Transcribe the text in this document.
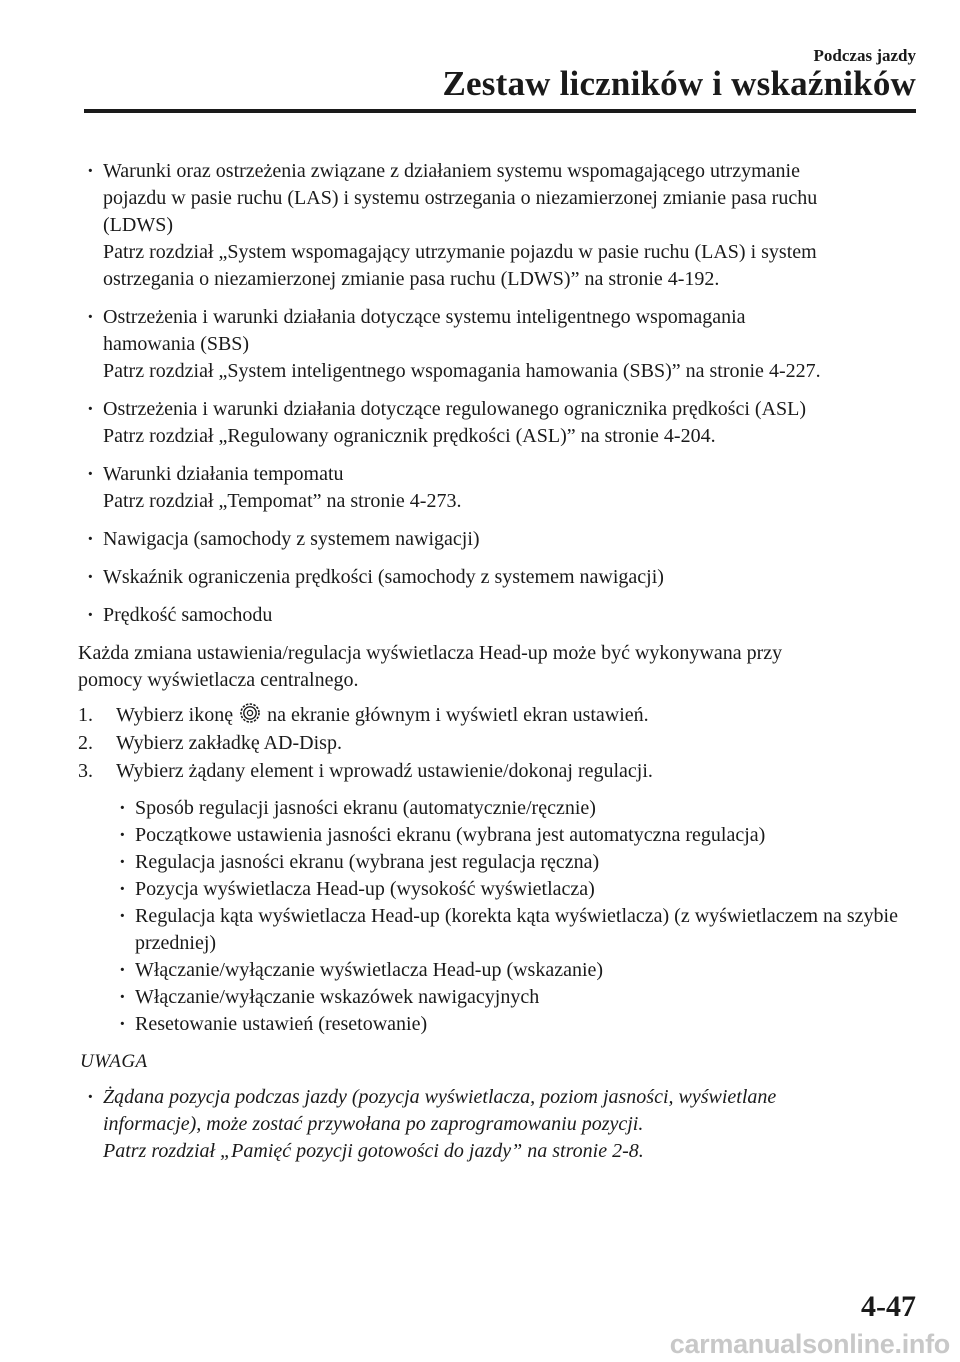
Podczas jazdy
Zestaw liczników i wskaźników
· Warunki oraz ostrzeżenia związane z działaniem systemu wspomagającego utrzymanie
pojazdu w pasie ruchu (LAS) i systemu ostrzegania o niezamierzonej zmianie pasa ruchu
(LDWS)
Patrz rozdział „System wspomagający utrzymanie pojazdu w pasie ruchu (LAS) i system
ostrzegania o niezamierzonej zmianie pasa ruchu (LDWS)” na stronie 4-192.
· Ostrzeżenia i warunki działania dotyczące systemu inteligentnego wspomagania
hamowania (SBS)
Patrz rozdział „System inteligentnego wspomagania hamowania (SBS)” na stronie 4-227.
· Ostrzeżenia i warunki działania dotyczące regulowanego ogranicznika prędkości (ASL)
Patrz rozdział „Regulowany ogranicznik prędkości (ASL)” na stronie 4-204.
· Warunki działania tempomatu
Patrz rozdział „Tempomat” na stronie 4-273.
· Nawigacja (samochody z systemem nawigacji)
· Wskaźnik ograniczenia prędkości (samochody z systemem nawigacji)
· Prędkość samochodu

Każda zmiana ustawienia/regulacja wyświetlacza Head-up może być wykonywana przy
pomocy wyświetlacza centralnego.

1.	Wybierz ikonę na ekranie głównym i wyświetl ekran ustawień.
2.	Wybierz zakładkę AD-Disp.
3.	Wybierz żądany element i wprowadź ustawienie/dokonaj regulacji.
· Sposób regulacji jasności ekranu (automatycznie/ręcznie)
· Początkowe ustawienia jasności ekranu (wybrana jest automatyczna regulacja)
· Regulacja jasności ekranu (wybrana jest regulacja ręczna)
· Pozycja wyświetlacza Head-up (wysokość wyświetlacza)
· Regulacja kąta wyświetlacza Head-up (korekta kąta wyświetlacza) (z wyświetlaczem na szybie przedniej)
· Włączanie/wyłączanie wyświetlacza Head-up (wskazanie)
· Włączanie/wyłączanie wskazówek nawigacyjnych
· Resetowanie ustawień (resetowanie)
UWAGA
· Żądana pozycja podczas jazdy (pozycja wyświetlacza, poziom jasności, wyświetlane
informacje), może zostać przywołana po zaprogramowaniu pozycji.
Patrz rozdział „Pamięć pozycji gotowości do jazdy” na stronie 2-8.
4-47
carmanualsonline.info
